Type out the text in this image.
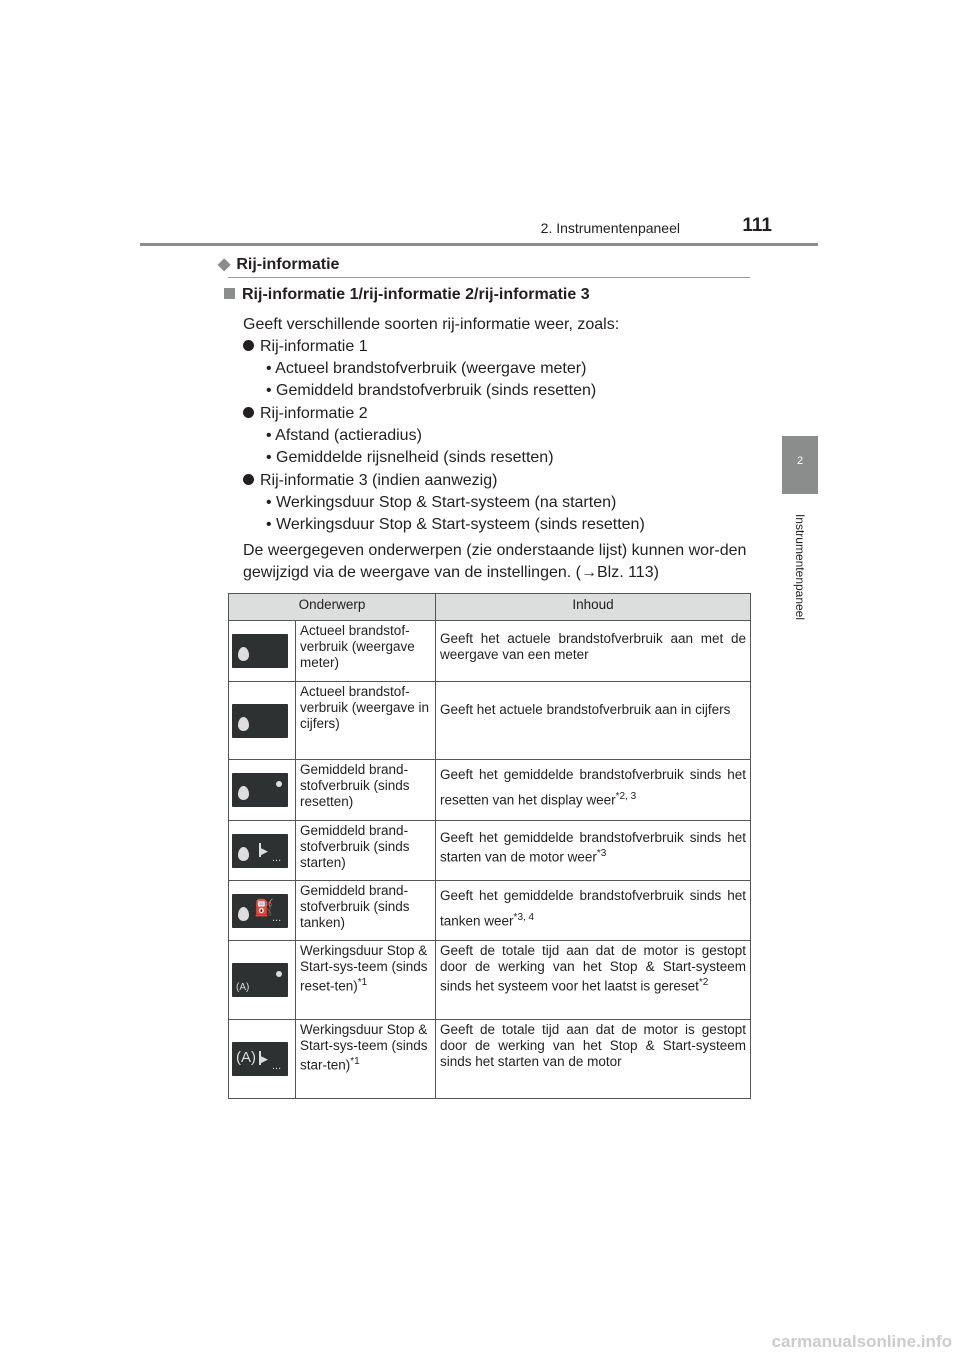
2. Instrumentenpaneel	111
2
Instrumentenpaneel
◆ Rij-informatie
Rij-informatie 1/rij-informatie 2/rij-informatie 3
Geeft verschillende soorten rij-informatie weer, zoals:
Rij-informatie 1
• Actueel brandstofverbruik (weergave meter)
• Gemiddeld brandstofverbruik (sinds resetten)
Rij-informatie 2
• Afstand (actieradius)
• Gemiddelde rijsnelheid (sinds resetten)
Rij-informatie 3 (indien aanwezig)
• Werkingsduur Stop & Start-systeem (na starten)
• Werkingsduur Stop & Start-systeem (sinds resetten)
De weergegeven onderwerpen (zie onderstaande lijst) kunnen wor-den gewijzigd via de weergave van de instellingen. (→Blz. 113)
Onderwerp		Inhoud

	Actueel brandstof-verbruik (weergave meter)	Geeft het actuele brandstofverbruik aan met de weergave van een meter

	Actueel brandstof-verbruik (weergave in cijfers)	Geeft het actuele brandstofverbruik aan in cijfers

	Gemiddeld brand-stofverbruik (sinds resetten)	Geeft het gemiddelde brandstofverbruik sinds het resetten van het display weer$^{*2, 3}$

▶
...	Gemiddeld brand-stofverbruik (sinds starten)	Geeft het gemiddelde brandstofverbruik sinds het starten van de motor weer$^{*3}$

⛽
...	Gemiddeld brand-stofverbruik (sinds tanken)	Geeft het gemiddelde brandstofverbruik sinds het tanken weer$^{*3, 4}$

(A)	Werkingsduur Stop & Start-sys-teem (sinds reset-ten)$^{*1}$	Geeft de totale tijd aan dat de motor is gestopt door de werking van het Stop & Start-systeem sinds het systeem voor het laatst is gereset$^{*2}$

(A) ▶
...	Werkingsduur Stop & Start-sys-teem (sinds star-ten)$^{*1}$	Geeft de totale tijd aan dat de motor is gestopt door de werking van het Stop & Start-systeem sinds het starten van de motor
carmanualsonline.info
